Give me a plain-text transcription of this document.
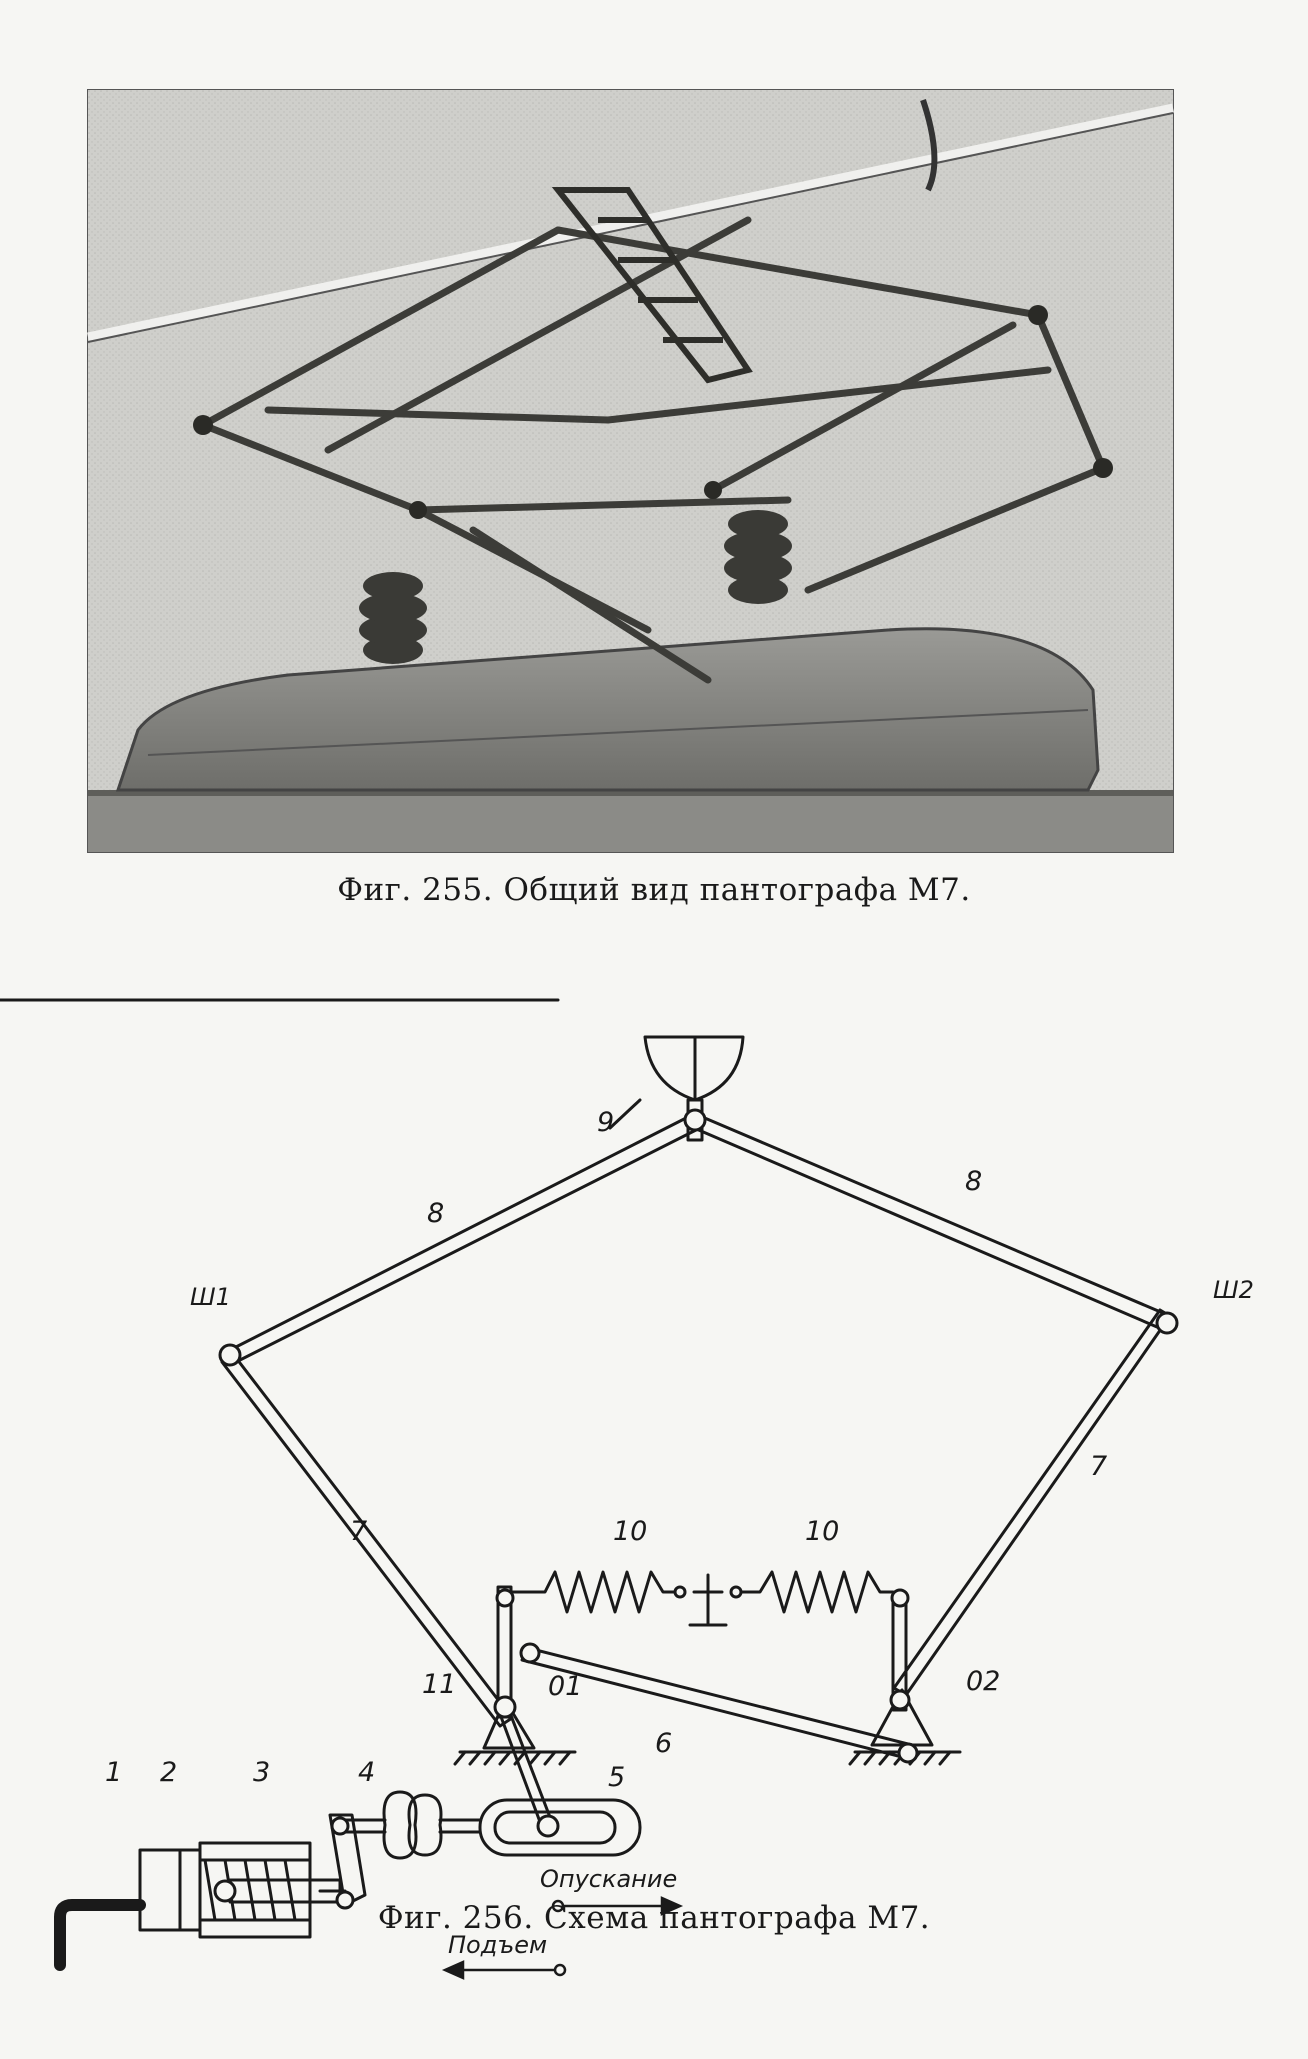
Фиг. 255. Общий вид пантографа М7.
9
8
8
Ш1	Ш2
7
7
10	10
01	02
6
11
5
4
1 2	3
Опускание
Подъем
Фиг. 256. Схема пантографа М7.
